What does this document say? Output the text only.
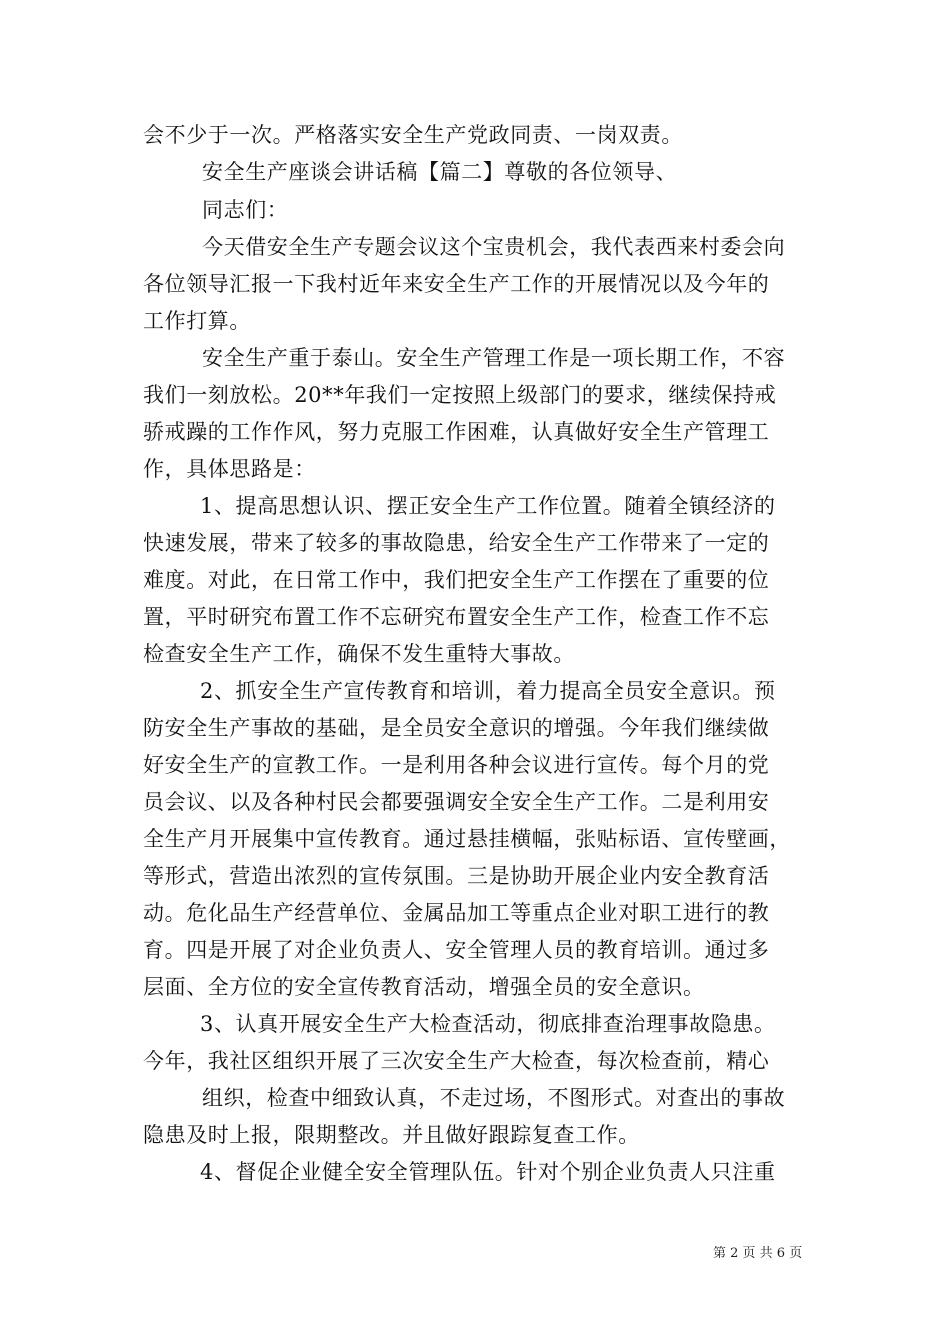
会不少于一次。严格落实安全生产党政同责、一岗双责。
安全生产座谈会讲话稿【篇二】尊敬的各位领导、
同志们：
今天借安全生产专题会议这个宝贵机会，我代表西来村委会向
各位领导汇报一下我村近年来安全生产工作的开展情况以及今年的
工作打算。
安全生产重于泰山。安全生产管理工作是一项长期工作，不容
我们一刻放松。20**年我们一定按照上级部门的要求，继续保持戒
骄戒躁的工作作风，努力克服工作困难，认真做好安全生产管理工
作，具体思路是：
1、提高思想认识、摆正安全生产工作位置。随着全镇经济的
快速发展，带来了较多的事故隐患，给安全生产工作带来了一定的
难度。对此，在日常工作中，我们把安全生产工作摆在了重要的位
置，平时研究布置工作不忘研究布置安全生产工作，检查工作不忘
检查安全生产工作，确保不发生重特大事故。
2、抓安全生产宣传教育和培训，着力提高全员安全意识。预
防安全生产事故的基础，是全员安全意识的增强。今年我们继续做
好安全生产的宣教工作。一是利用各种会议进行宣传。每个月的党
员会议、以及各种村民会都要强调安全安全生产工作。二是利用安
全生产月开展集中宣传教育。通过悬挂横幅，张贴标语、宣传壁画，
等形式，营造出浓烈的宣传氛围。三是协助开展企业内安全教育活
动。危化品生产经营单位、金属品加工等重点企业对职工进行的教
育。四是开展了对企业负责人、安全管理人员的教育培训。通过多
层面、全方位的安全宣传教育活动，增强全员的安全意识。
3、认真开展安全生产大检查活动，彻底排查治理事故隐患。
今年，我社区组织开展了三次安全生产大检查，每次检查前，精心
组织，检查中细致认真，不走过场，不图形式。对查出的事故
隐患及时上报，限期整改。并且做好跟踪复查工作。
4、督促企业健全安全管理队伍。针对个别企业负责人只注重
第 2 页 共 6 页
